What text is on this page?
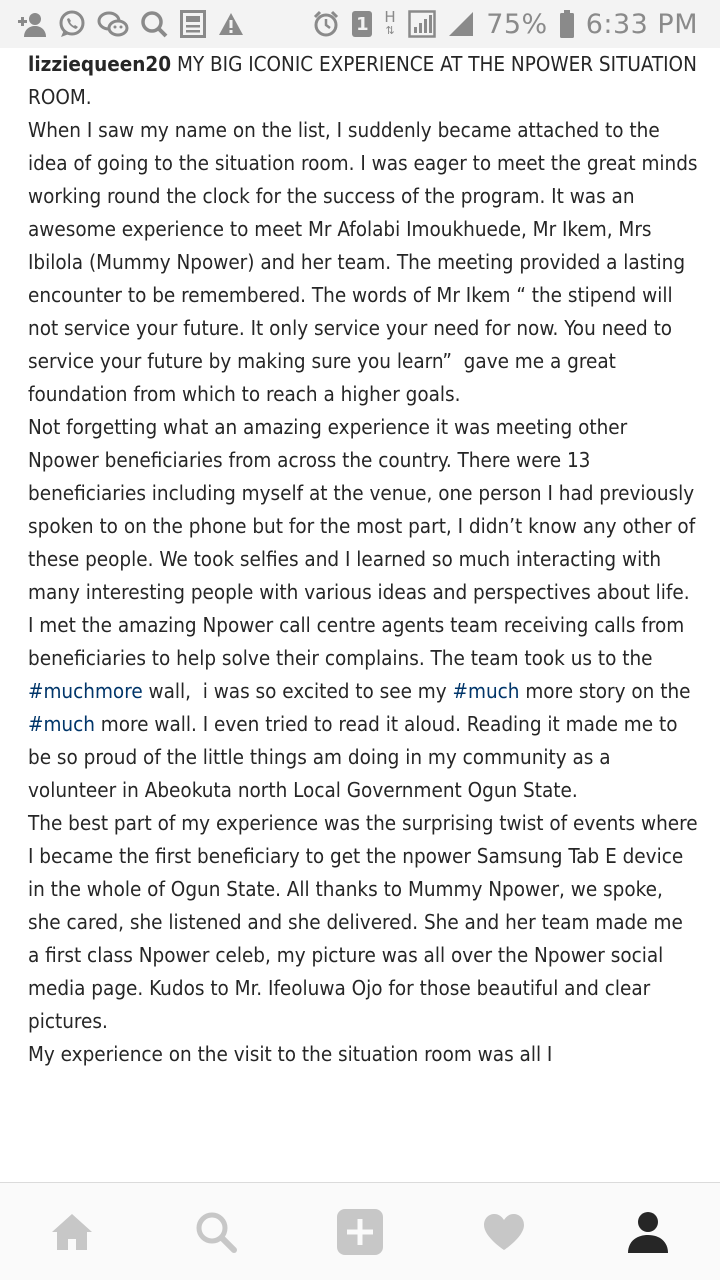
1 H
⇅	75% 6:33 PM

lizziequeen20 MY BIG ICONIC EXPERIENCE AT THE NPOWER SITUATION ROOM.

When I saw my name on the list, I suddenly became attached to the idea of going to the situation room. I was eager to meet the great minds working round the clock for the success of the program. It was an awesome experience to meet Mr Afolabi Imoukhuede, Mr Ikem, Mrs Ibilola (Mummy Npower) and her team. The meeting provided a lasting encounter to be remembered. The words of Mr Ikem “ the stipend will not service your future. It only service your need for now. You need to service your future by making sure you learn”  gave me a great foundation from which to reach a higher goals.

Not forgetting what an amazing experience it was meeting other Npower beneficiaries from across the country. There were 13 beneficiaries including myself at the venue, one person I had previously spoken to on the phone but for the most part, I didn’t know any other of these people. We took selfies and I learned so much interacting with many interesting people with various ideas and perspectives about life.

I met the amazing Npower call centre agents team receiving calls from beneficiaries to help solve their complains. The team took us to the #muchmore wall,  i was so excited to see my #much more story on the #much more wall. I even tried to read it aloud. Reading it made me to be so proud of the little things am doing in my community as a volunteer in Abeokuta north Local Government Ogun State.

The best part of my experience was the surprising twist of events where I became the first beneficiary to get the npower Samsung Tab E device in the whole of Ogun State. All thanks to Mummy Npower, we spoke, she cared, she listened and she delivered. She and her team made me a first class Npower celeb, my picture was all over the Npower social media page. Kudos to Mr. Ifeoluwa Ojo for those beautiful and clear pictures.

My experience on the visit to the situation room was all I
